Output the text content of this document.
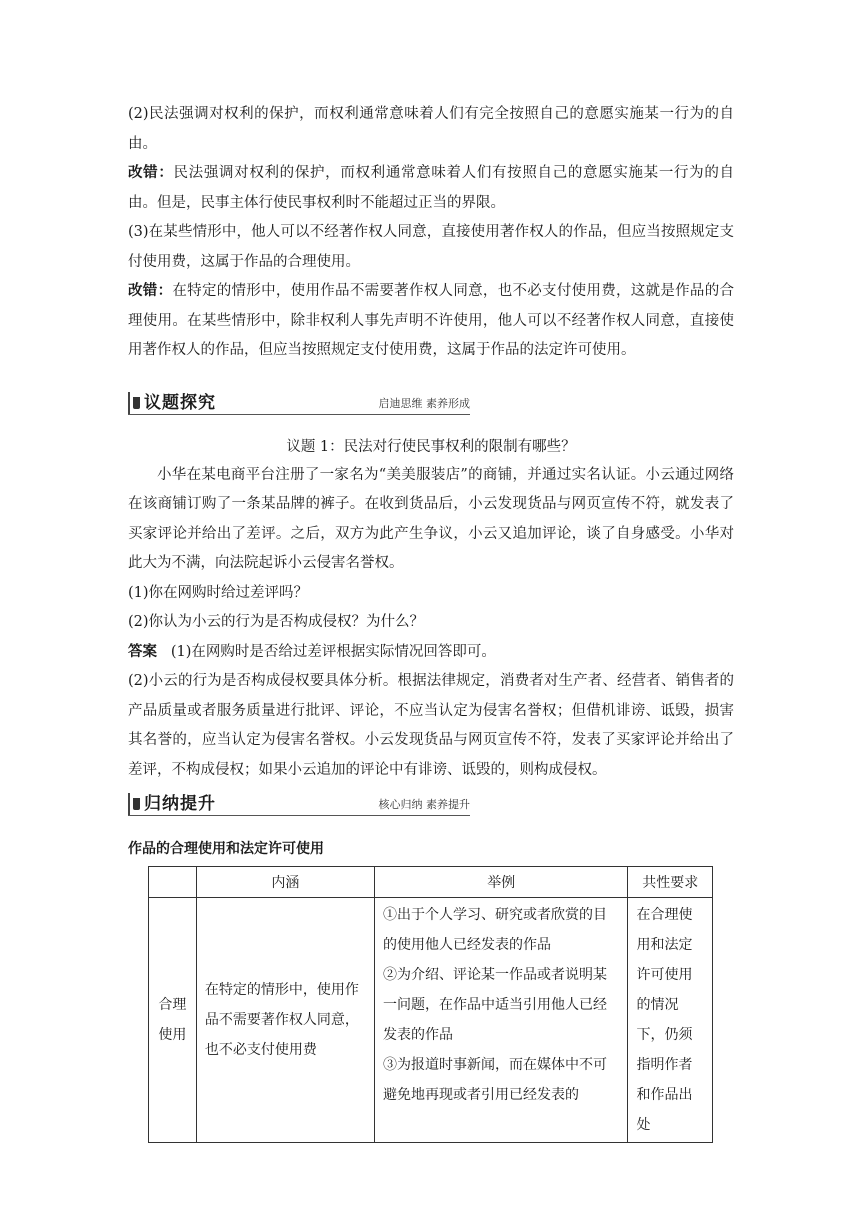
(2)民法强调对权利的保护，而权利通常意味着人们有完全按照自己的意愿实施某一行为的自由。

改错：民法强调对权利的保护，而权利通常意味着人们有按照自己的意愿实施某一行为的自由。但是，民事主体行使民事权利时不能超过正当的界限。

(3)在某些情形中，他人可以不经著作权人同意，直接使用著作权人的作品，但应当按照规定支付使用费，这属于作品的合理使用。

改错：在特定的情形中，使用作品不需要著作权人同意，也不必支付使用费，这就是作品的合理使用。在某些情形中，除非权利人事先声明不许使用，他人可以不经著作权人同意，直接使用著作权人的作品，但应当按照规定支付使用费，这属于作品的法定许可使用。

议题探究	启迪思维 素养形成
议题 1：民法对行使民事权利的限制有哪些？

小华在某电商平台注册了一家名为“美美服装店”的商铺，并通过实名认证。小云通过网络在该商铺订购了一条某品牌的裤子。在收到货品后，小云发现货品与网页宣传不符，就发表了买家评论并给出了差评。之后，双方为此产生争议，小云又追加评论，谈了自身感受。小华对此大为不满，向法院起诉小云侵害名誉权。

(1)你在网购时给过差评吗？

(2)你认为小云的行为是否构成侵权？为什么？

答案 (1)在网购时是否给过差评根据实际情况回答即可。

(2)小云的行为是否构成侵权要具体分析。根据法律规定，消费者对生产者、经营者、销售者的产品质量或者服务质量进行批评、评论，不应当认定为侵害名誉权；但借机诽谤、诋毁，损害其名誉的，应当认定为侵害名誉权。小云发现货品与网页宣传不符，发表了买家评论并给出了差评，不构成侵权；如果小云追加的评论中有诽谤、诋毁的，则构成侵权。

归纳提升	核心归纳 素养提升
作品的合理使用和法定许可使用
	内涵	举例	共性要求
合理使用	在特定的情形中，使用作品不需要著作权人同意，也不必支付使用费	①出于个人学习、研究或者欣赏的目的使用他人已经发表的作品
②为介绍、评论某一作品或者说明某一问题，在作品中适当引用他人已经发表的作品
③为报道时事新闻，而在媒体中不可避免地再现或者引用已经发表的	在合理使用和法定许可使用的情况下，仍须指明作者和作品出处
